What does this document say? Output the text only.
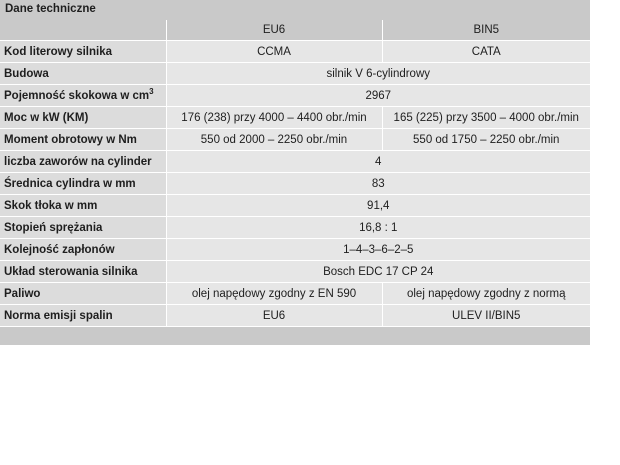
Dane techniczne
	EU6	BIN5
Kod literowy silnika	CCMA	CATA
Budowa	silnik V 6-cylindrowy	
Pojemność skokowa w $cm^3$	2967	
Moc w kW (KM)	176 (238) przy 4000 – 4400 obr./min	165 (225) przy 3500 – 4000 obr./min
Moment obrotowy w Nm	550 od 2000 – 2250 obr./min	550 od 1750 – 2250 obr./min
liczba zaworów na cylinder	4	
Średnica cylindra w mm	83	
Skok tłoka w mm	91,4	
Stopień sprężania	16,8 : 1	
Kolejność zapłonów	1–4–3–6–2–5	
Układ sterowania silnika	Bosch EDC 17 CP 24	
Paliwo	olej napędowy zgodny z EN 590	olej napędowy zgodny z normą
Norma emisji spalin	EU6	ULEV II/BIN5
